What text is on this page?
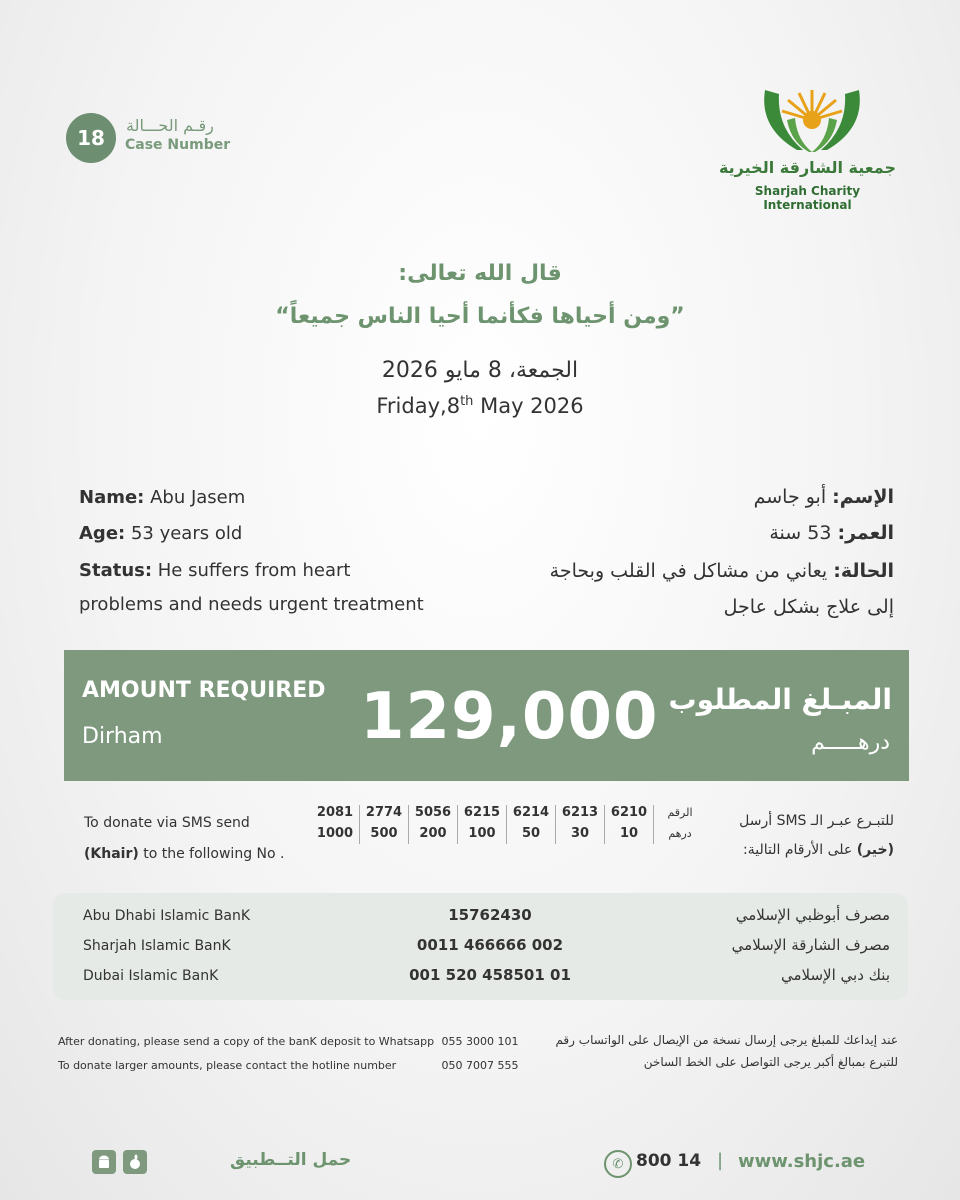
18
رقـم الحـــالة
Case Number
جمعية الشارقة الخيرية
Sharjah Charity International
قال الله تعالى:
”ومن أحياها فكأنما أحيا الناس جميعاً“
الجمعة، 8 مايو 2026
Friday,8th May 2026
Name: Abu Jasem
Age: 53 years old
Status: He suffers from heart
problems and needs urgent treatment
الإسم: أبو جاسم
العمر: 53 سنة
الحالة: يعاني من مشاكل في القلب وبحاجة
إلى علاج بشكل عاجل
AMOUNT REQUIRED
Dirham	129,000 المبـلغ المطلوب
درهـــــم
To donate via SMS send
(Khair) to the following No .
2081	2774	5056	6215	6214	6213	6210	الرقم
1000	500	200	100	50	30	10	درهم
للتبـرع عبـر الـ SMS أرسل
(خير) على الأرقام التالية:
Abu Dhabi Islamic BanK	15762430	مصرف أبوظبي الإسلامي
Sharjah Islamic BanK	0011 466666 002	مصرف الشارقة الإسلامي
Dubai Islamic BanK	001 520 458501 01	بنك دبي الإسلامي
After donating, please send a copy of the banK deposit to Whatsapp 055 3000 101	عند إيداعك للمبلغ يرجى إرسال نسخة من الإيصال على الواتساب رقم
To donate larger amounts, please contact the hotline number	050 7007 555	للتبرع بمبالغ أكبر يرجى التواصل على الخط الساخن
حمل التــطبيق	✆ 800 14 | www.shjc.ae
